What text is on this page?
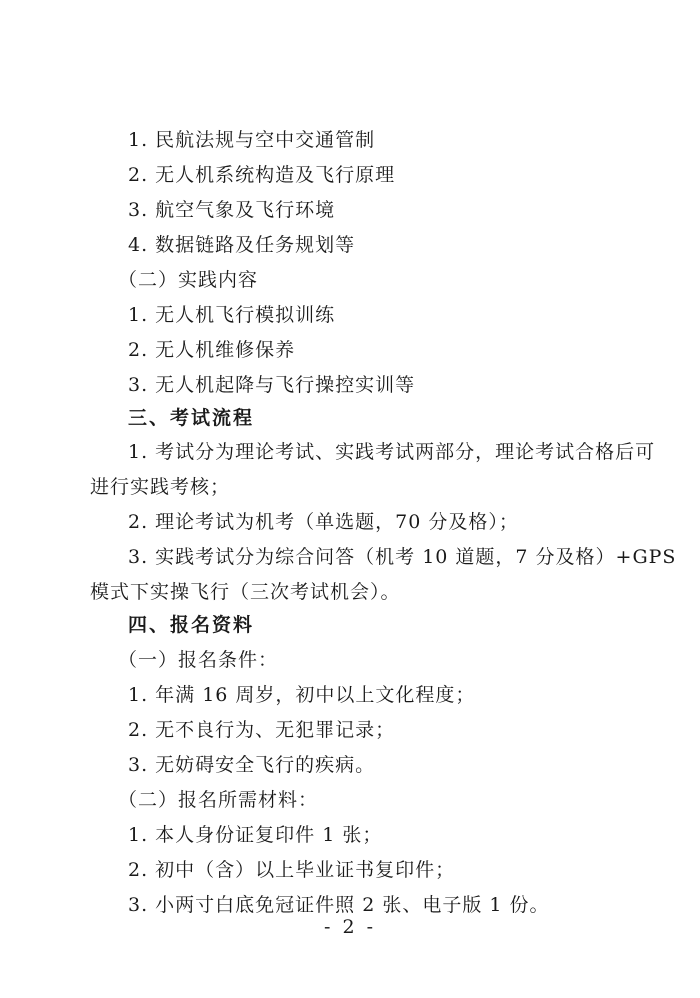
1. 民航法规与空中交通管制
2. 无人机系统构造及飞行原理
3. 航空气象及飞行环境
4. 数据链路及任务规划等
（二）实践内容
1. 无人机飞行模拟训练
2. 无人机维修保养
3. 无人机起降与飞行操控实训等
三、考试流程
1. 考试分为理论考试、实践考试两部分，理论考试合格后可
进行实践考核；
2. 理论考试为机考（单选题，70 分及格）；
3. 实践考试分为综合问答（机考 10 道题，7 分及格）+GPS
模式下实操飞行（三次考试机会）。
四、报名资料
（一）报名条件：
1. 年满 16 周岁，初中以上文化程度；
2. 无不良行为、无犯罪记录；
3. 无妨碍安全飞行的疾病。
（二）报名所需材料：
1. 本人身份证复印件 1 张；
2. 初中（含）以上毕业证书复印件；
3. 小两寸白底免冠证件照 2 张、电子版 1 份。
- 2 -
